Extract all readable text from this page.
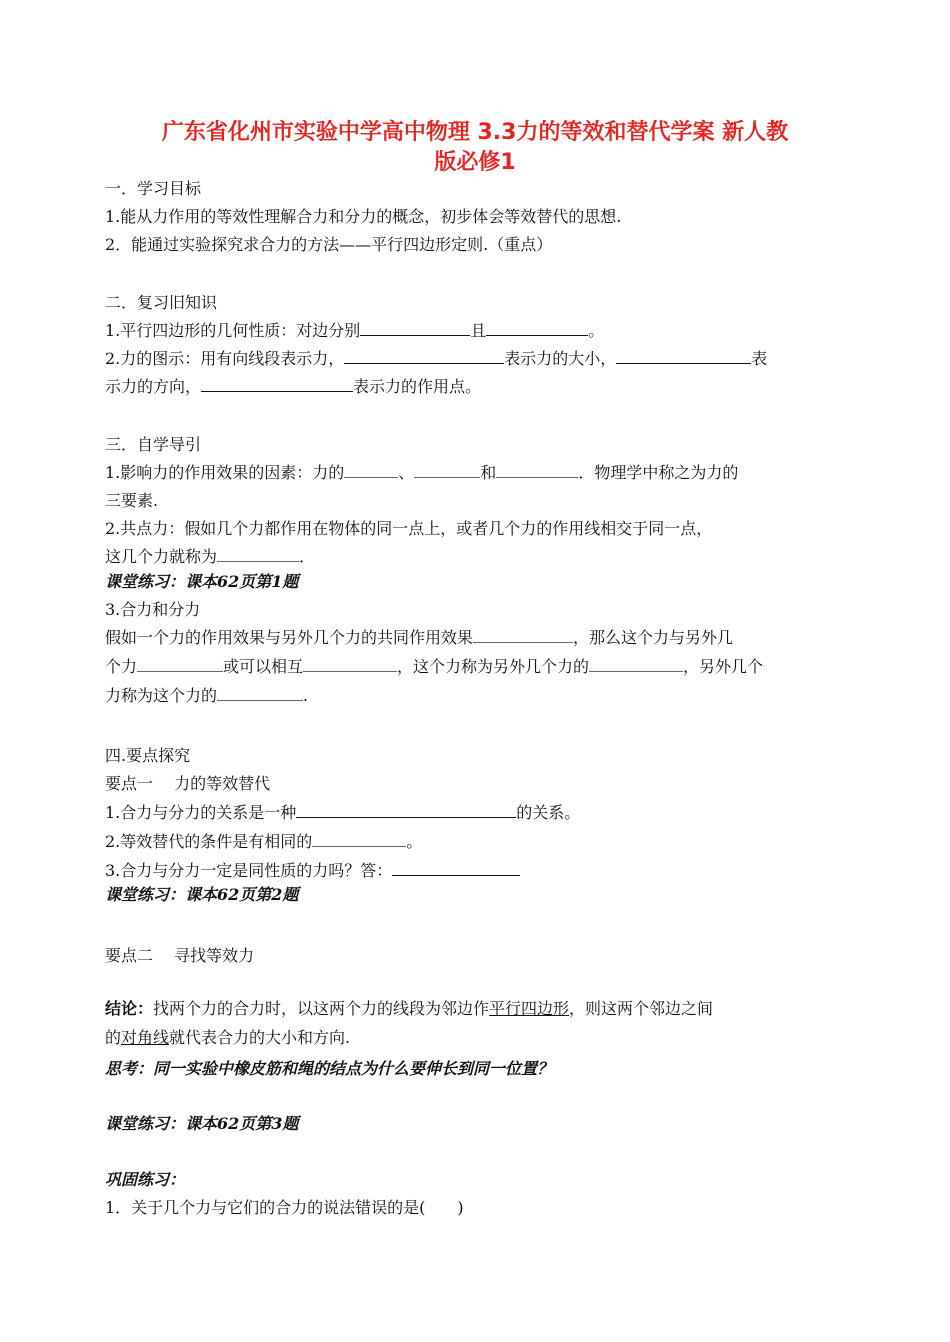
广东省化州市实验中学高中物理 3.3力的等效和替代学案 新人教
版必修1
一．学习目标
1.能从力作用的等效性理解合力和分力的概念，初步体会等效替代的思想.
2．能通过实验探究求合力的方法——平行四边形定则.（重点）
二．复习旧知识
1.平行四边形的几何性质：对边分别	且	。
2.力的图示：用有向线段表示力，	表示力的大小，	表
示力的方向，	表示力的作用点。
三．自学导引
1.影响力的作用效果的因素：力的	、	和	．物理学中称之为力的
三要素.
2.共点力：假如几个力都作用在物体的同一点上，或者几个力的作用线相交于同一点，
这几个力就称为	．
课堂练习：课本62页第1题
3.合力和分力
假如一个力的作用效果与另外几个力的共同作用效果	，那么这个力与另外几
个力	或可以相互	，这个力称为另外几个力的	，另外几个
力称为这个力的	.
四.要点探究
要点一　 力的等效替代
1.合力与分力的关系是一种	的关系。
2.等效替代的条件是有相同的	。
3.合力与分力一定是同性质的力吗？答：
课堂练习：课本62页第2题
要点二　 寻找等效力
结论：找两个力的合力时，以这两个力的线段为邻边作平行四边形，则这两个邻边之间
的对角线就代表合力的大小和方向.
思考：同一实验中橡皮筋和绳的结点为什么要伸长到同一位置？
课堂练习：课本62页第3题
巩固练习：
1．关于几个力与它们的合力的说法错误的是(　　)
